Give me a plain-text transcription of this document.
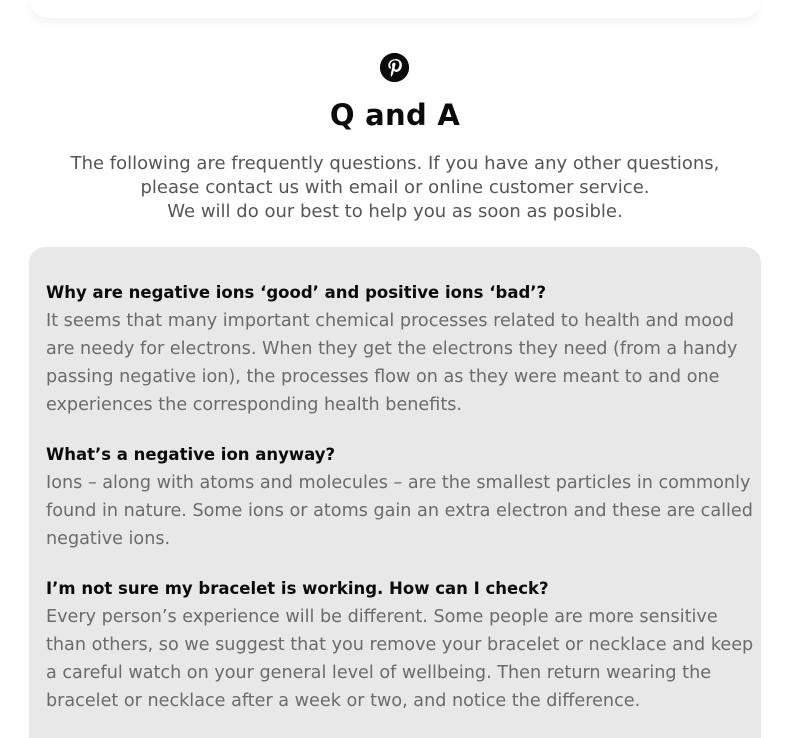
Q and A

The following are frequently questions. If you have any other questions,

please contact us with email or online customer service.

We will do our best to help you as soon as posible.

Why are negative ions ‘good’ and positive ions ‘bad’?
It seems that many important chemical processes related to health and mood are needy for electrons. When they get the electrons they need (from a handy passing negative ion), the processes flow on as they were meant to and one experiences the corresponding health benefits.
What’s a negative ion anyway?
Ions – along with atoms and molecules – are the smallest particles in commonly found in nature. Some ions or atoms gain an extra electron and these are called negative ions.
I’m not sure my bracelet is working. How can I check?
Every person’s experience will be different. Some people are more sensitive than others, so we suggest that you remove your bracelet or necklace and keep a careful watch on your general level of wellbeing. Then return wearing the bracelet or necklace after a week or two, and notice the difference.
